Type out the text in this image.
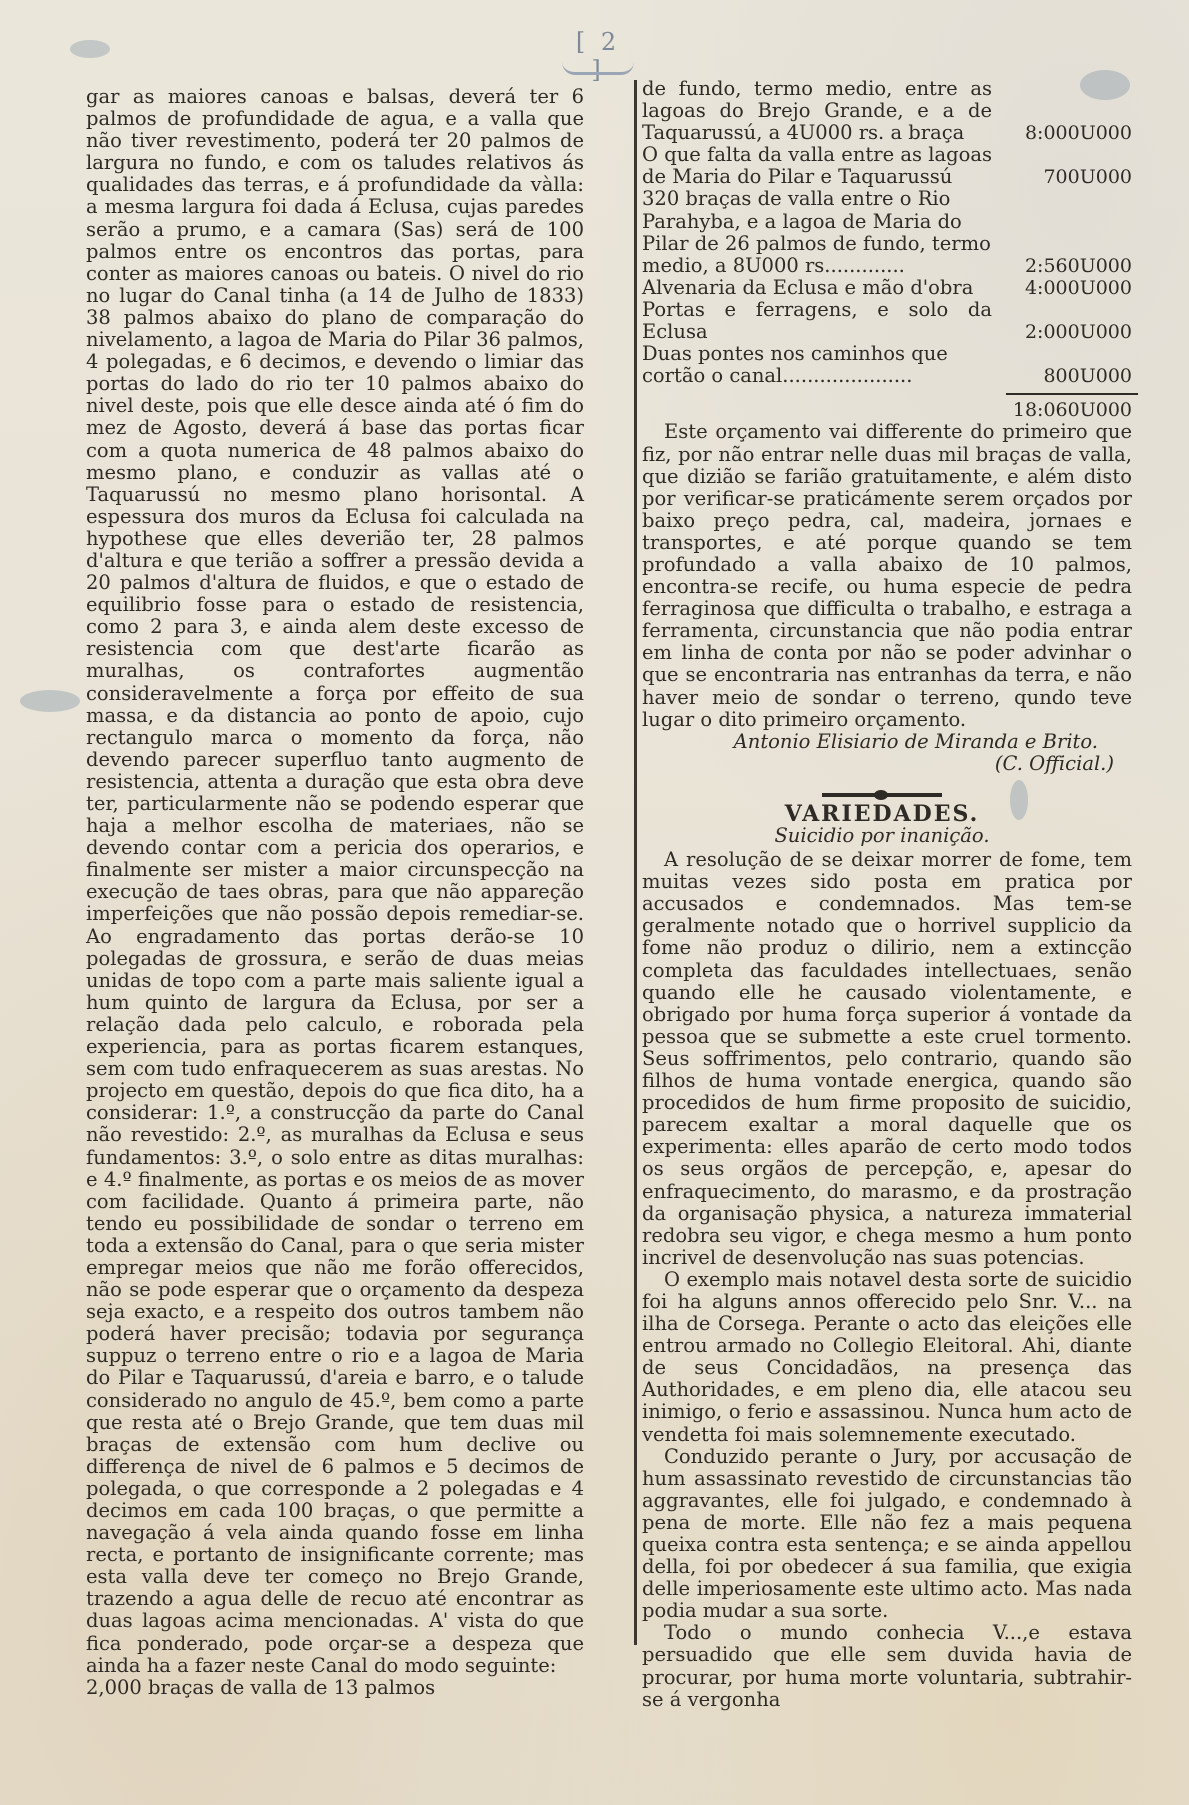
[ 2 ]

gar as maiores canoas e balsas, deverá ter 6 palmos de profundidade de agua, e a valla que não tiver revestimento, poderá ter 20 palmos de largura no fundo, e com os taludes relativos ás qualidades das terras, e á profundidade da vàlla: a mesma largura foi dada á Eclusa, cujas paredes serão a prumo, e a camara (Sas) será de 100 palmos entre os encontros das portas, para conter as maiores canoas ou bateis. O nivel do rio no lugar do Canal tinha (a 14 de Julho de 1833) 38 palmos abaixo do plano de comparação do nivelamento, a lagoa de Maria do Pilar 36 palmos, 4 polegadas, e 6 decimos, e devendo o limiar das portas do lado do rio ter 10 palmos abaixo do nivel deste, pois que elle desce ainda até ó fim do mez de Agosto, deverá á base das portas ficar com a quota numerica de 48 palmos abaixo do mesmo plano, e conduzir as vallas até o Taquarussú no mesmo plano horisontal. A espessura dos muros da Eclusa foi calculada na hypothese que elles deverião ter, 28 palmos d'altura e que terião a soffrer a pressão devida a 20 palmos d'altura de fluidos, e que o estado de equilibrio fosse para o estado de resistencia, como 2 para 3, e ainda alem deste excesso de resistencia com que dest'arte ficarão as muralhas, os contrafortes augmentão consideravelmente a força por effeito de sua massa, e da distancia ao ponto de apoio, cujo rectangulo marca o momento da força, não devendo parecer superfluo tanto augmento de resistencia, attenta a duração que esta obra deve ter, particularmente não se podendo esperar que haja a melhor escolha de materiaes, não se devendo contar com a pericia dos operarios, e finalmente ser mister a maior circunspecção na execução de taes obras, para que não appareção imperfeições que não possão depois remediar-se. Ao engradamento das portas derão-se 10 polegadas de grossura, e serão de duas meias unidas de topo com a parte mais saliente igual a hum quinto de largura da Eclusa, por ser a relação dada pelo calculo, e roborada pela experiencia, para as portas ficarem estanques, sem com tudo enfraquecerem as suas arestas. No projecto em questão, depois do que fica dito, ha a considerar: 1.º, a construcção da parte do Canal não revestido: 2.º, as muralhas da Eclusa e seus fundamentos: 3.º, o solo entre as ditas muralhas: e 4.º finalmente, as portas e os meios de as mover com facilidade. Quanto á primeira parte, não tendo eu possibilidade de sondar o terreno em toda a extensão do Canal, para o que seria mister empregar meios que não me forão offerecidos, não se pode esperar que o orçamento da despeza seja exacto, e a respeito dos outros tambem não poderá haver precisão; todavia por segurança suppuz o terreno entre o rio e a lagoa de Maria do Pilar e Taquarussú, d'areia e barro, e o talude considerado no angulo de 45.º, bem como a parte que resta até o Brejo Grande, que tem duas mil braças de extensão com hum declive ou differença de nivel de 6 palmos e 5 decimos de polegada, o que corresponde a 2 polegadas e 4 decimos em cada 100 braças, o que permitte a navegação á vela ainda quando fosse em linha recta, e portanto de insignificante corrente; mas esta valla deve ter começo no Brejo Grande, trazendo a agua delle de recuo até encontrar as duas lagoas acima mencionadas. A' vista do que fica ponderado, pode orçar-se a despeza que ainda ha a fazer neste Canal do modo seguinte:

2,000 braças de valla de 13 palmos

de fundo, termo medio, entre as lagoas do Brejo Grande, e a de Taquarussú, a 4U000 rs. a braça	8:000U000
O que falta da valla entre as lagoas de Maria do Pilar e Taquarussú	700U000
320 braças de valla entre o Rio Parahyba, e a lagoa de Maria do Pilar de 26 palmos de fundo, termo medio, a 8U000 rs.............	2:560U000
Alvenaria da Eclusa e mão d'obra	4:000U000
Portas e ferragens, e solo da Eclusa	2:000U000
Duas pontes nos caminhos que cortão o canal.....................	800U000
18:060U000

Este orçamento vai differente do primeiro que fiz, por não entrar nelle duas mil braças de valla, que dizião se farião gratuitamente, e além disto por verificar-se praticámente serem orçados por baixo preço pedra, cal, madeira, jornaes e transportes, e até porque quando se tem profundado a valla abaixo de 10 palmos, encontra-se recife, ou huma especie de pedra ferraginosa que difficulta o trabalho, e estraga a ferramenta, circunstancia que não podia entrar em linha de conta por não se poder advinhar o que se encontraria nas entranhas da terra, e não haver meio de sondar o terreno, qundo teve lugar o dito primeiro orçamento.

Antonio Elisiario de Miranda e Brito.
(C. Official.)
VARIEDADES.
Suicidio por inanição.

A resolução de se deixar morrer de fome, tem muitas vezes sido posta em pratica por accusados e condemnados. Mas tem-se geralmente notado que o horrivel supplicio da fome não produz o dilirio, nem a extincção completa das faculdades intellectuaes, senão quando elle he causado violentamente, e obrigado por huma força superior á vontade da pessoa que se submette a este cruel tormento. Seus soffrimentos, pelo contrario, quando são filhos de huma vontade energica, quando são procedidos de hum firme proposito de suicidio, parecem exaltar a moral daquelle que os experimenta: elles aparão de certo modo todos os seus orgãos de percepção, e, apesar do enfraquecimento, do marasmo, e da prostração da organisação physica, a natureza immaterial redobra seu vigor, e chega mesmo a hum ponto incrivel de desenvolução nas suas potencias.

O exemplo mais notavel desta sorte de suicidio foi ha alguns annos offerecido pelo Snr. V... na ilha de Corsega. Perante o acto das eleições elle entrou armado no Collegio Eleitoral. Ahi, diante de seus Concidadãos, na presença das Authoridades, e em pleno dia, elle atacou seu inimigo, o ferio e assassinou. Nunca hum acto de vendetta foi mais solemnemente executado.

Conduzido perante o Jury, por accusação de hum assassinato revestido de circunstancias tão aggravantes, elle foi julgado, e condemnado à pena de morte. Elle não fez a mais pequena queixa contra esta sentença; e se ainda appellou della, foi por obedecer á sua familia, que exigia delle imperiosamente este ultimo acto. Mas nada podia mudar a sua sorte.

Todo o mundo conhecia V...,e estava persuadido que elle sem duvida havia de procurar, por huma morte voluntaria, subtrahir-se á vergonha
